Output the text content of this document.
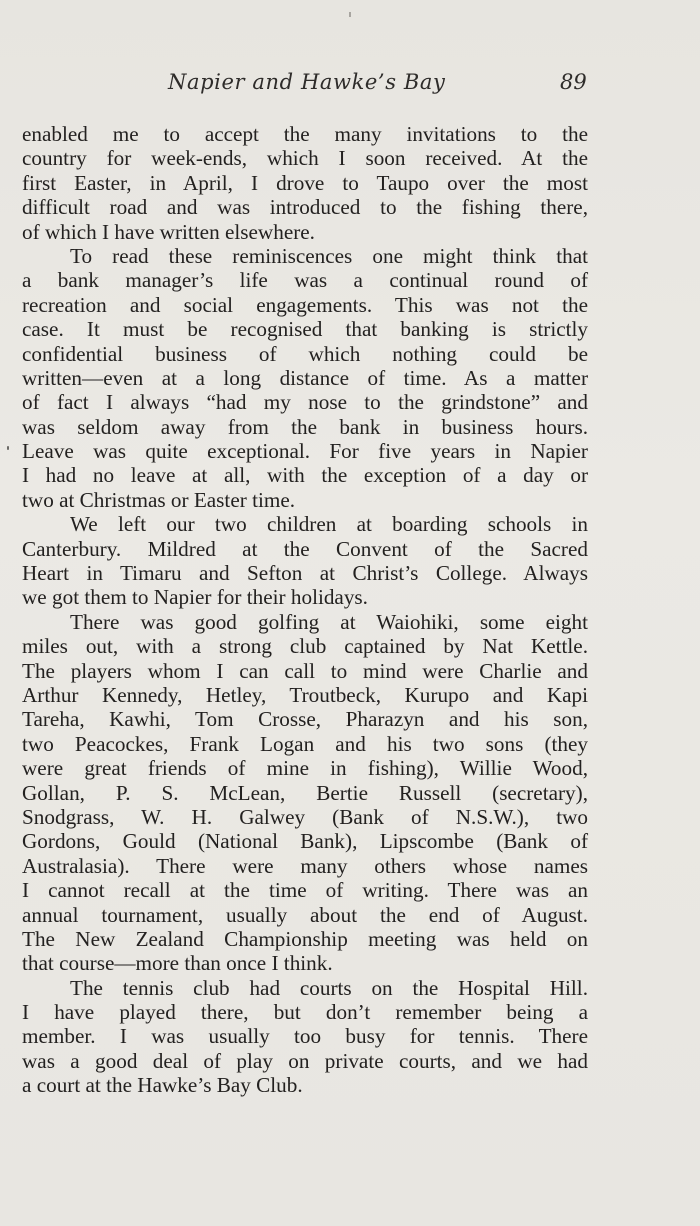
Napier and Hawke’s Bay	89
enabled me to accept the many invitations to the
country for week-ends, which I soon received. At the
first Easter, in April, I drove to Taupo over the most
difficult road and was introduced to the fishing there,
of which I have written elsewhere.
To read these reminiscences one might think that
a bank manager’s life was a continual round of
recreation and social engagements. This was not the
case. It must be recognised that banking is strictly
confidential business of which nothing could be
written—even at a long distance of time. As a matter
of fact I always “had my nose to the grindstone” and
was seldom away from the bank in business hours.
Leave was quite exceptional. For five years in Napier
I had no leave at all, with the exception of a day or
two at Christmas or Easter time.
We left our two children at boarding schools in
Canterbury. Mildred at the Convent of the Sacred
Heart in Timaru and Sefton at Christ’s College. Always
we got them to Napier for their holidays.
There was good golfing at Waiohiki, some eight
miles out, with a strong club captained by Nat Kettle.
The players whom I can call to mind were Charlie and
Arthur Kennedy, Hetley, Troutbeck, Kurupo and Kapi
Tareha, Kawhi, Tom Crosse, Pharazyn and his son,
two Peacockes, Frank Logan and his two sons (they
were great friends of mine in fishing), Willie Wood,
Gollan, P. S. McLean, Bertie Russell (secretary),
Snodgrass, W. H. Galwey (Bank of N.S.W.), two
Gordons, Gould (National Bank), Lipscombe (Bank of
Australasia). There were many others whose names
I cannot recall at the time of writing. There was an
annual tournament, usually about the end of August.
The New Zealand Championship meeting was held on
that course—more than once I think.
The tennis club had courts on the Hospital Hill.
I have played there, but don’t remember being a
member. I was usually too busy for tennis. There
was a good deal of play on private courts, and we had
a court at the Hawke’s Bay Club.
